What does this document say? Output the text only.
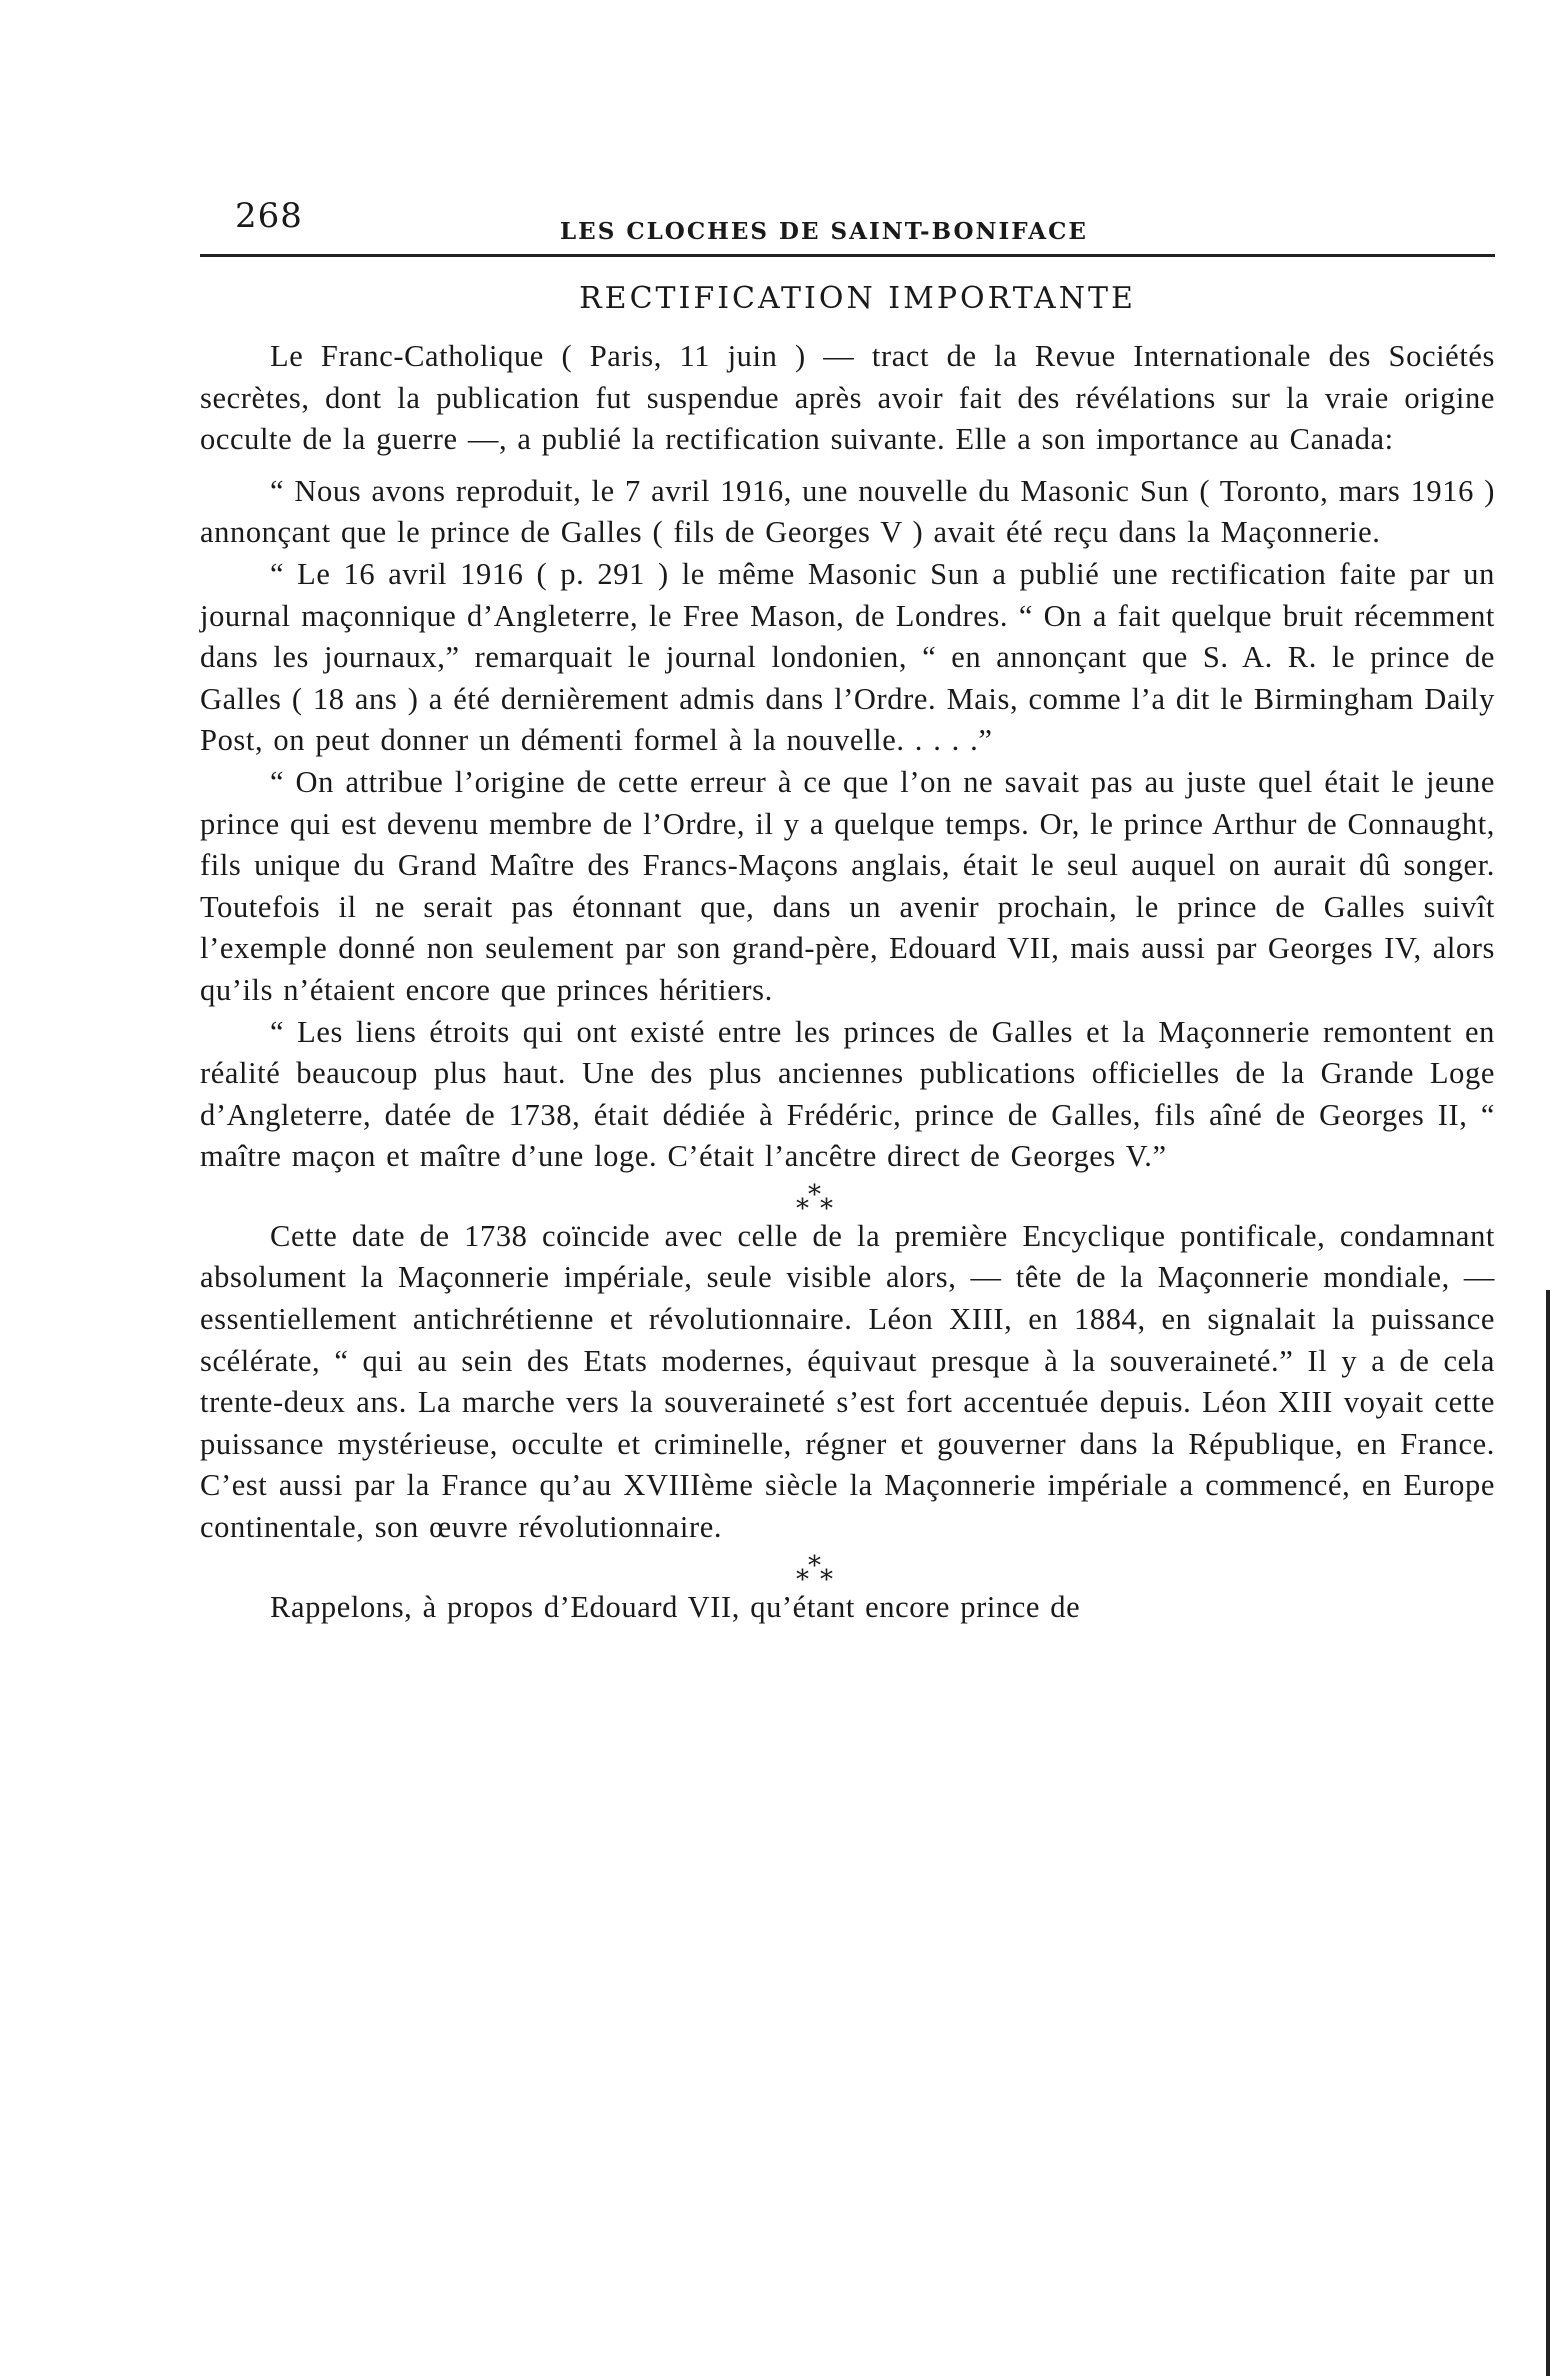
268	LES CLOCHES DE SAINT-BONIFACE
RECTIFICATION IMPORTANTE

Le Franc-Catholique ( Paris, 11 juin ) — tract de la Revue Internationale des Sociétés secrètes, dont la publication fut suspendue après avoir fait des révélations sur la vraie origine occulte de la guerre —, a publié la rectification suivante. Elle a son importance au Canada:

“ Nous avons reproduit, le 7 avril 1916, une nouvelle du Masonic Sun ( Toronto, mars 1916 ) annonçant que le prince de Galles ( fils de Georges V ) avait été reçu dans la Maçonnerie.

“ Le 16 avril 1916 ( p. 291 ) le même Masonic Sun a publié une rectification faite par un journal maçonnique d’Angleterre, le Free Mason, de Londres. “ On a fait quelque bruit récemment dans les journaux,” remarquait le journal londonien, “ en annonçant que S. A. R. le prince de Galles ( 18 ans ) a été dernièrement admis dans l’Ordre. Mais, comme l’a dit le Birmingham Daily Post, on peut donner un démenti formel à la nouvelle. . . . .”

“ On attribue l’origine de cette erreur à ce que l’on ne savait pas au juste quel était le jeune prince qui est devenu membre de l’Ordre, il y a quelque temps. Or, le prince Arthur de Connaught, fils unique du Grand Maître des Francs-Maçons anglais, était le seul auquel on aurait dû songer. Toutefois il ne serait pas étonnant que, dans un avenir prochain, le prince de Galles suivît l’exemple donné non seulement par son grand-père, Edouard VII, mais aussi par Georges IV, alors qu’ils n’étaient encore que princes héritiers.

“ Les liens étroits qui ont existé entre les princes de Galles et la Maçonnerie remontent en réalité beaucoup plus haut. Une des plus anciennes publications officielles de la Grande Loge d’Angleterre, datée de 1738, était dédiée à Frédéric, prince de Galles, fils aîné de Georges II, “ maître maçon et maître d’une loge. C’était l’ancêtre direct de Georges V.”

*
* *

Cette date de 1738 coïncide avec celle de la première Encyclique pontificale, condamnant absolument la Maçonnerie impériale, seule visible alors, — tête de la Maçonnerie mondiale, — essentiellement antichrétienne et révolutionnaire. Léon XIII, en 1884, en signalait la puissance scélérate, “ qui au sein des Etats modernes, équivaut presque à la souveraineté.” Il y a de cela trente-deux ans. La marche vers la souveraineté s’est fort accentuée depuis. Léon XIII voyait cette puissance mystérieuse, occulte et criminelle, régner et gouverner dans la République, en France. C’est aussi par la France qu’au XVIIIème siècle la Maçonnerie impériale a commencé, en Europe continentale, son œuvre révolutionnaire.

*
* *

Rappelons, à propos d’Edouard VII, qu’étant encore prince de
